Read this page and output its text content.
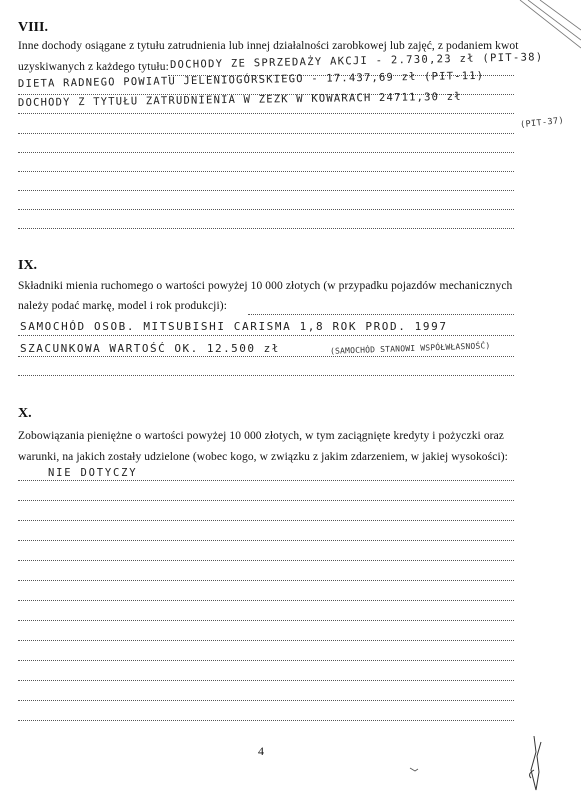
VIII.
Inne dochody osiągane z tytułu zatrudnienia lub innej działalności zarobkowej lub zajęć, z podaniem kwot
uzyskiwanych z każdego tytułu: DOCHODY ZE SPRZEDAŻY AKCJI - 2.730,23 zł (PIT-38)
DIETA RADNEGO POWIATU JELENIOGÓRSKIEGO - 17.437,69 zł (PIT-11)
DOCHODY Z TYTUŁU ZATRUDNIENIA W ZEZK W KOWARACH 24711,30 zł
(PIT-37)
IX.
Składniki mienia ruchomego o wartości powyżej 10 000 złotych (w przypadku pojazdów mechanicznych
należy podać markę, model i rok produkcji):
SAMOCHÓD OSOB. MITSUBISHI CARISMA 1,8 ROK PROD. 1997
SZACUNKOWA WARTOŚĆ OK. 12.500 zł	(SAMOCHÓD STANOWI WSPÓŁWŁASNOŚĆ)
X.
Zobowiązania pieniężne o wartości powyżej 10 000 złotych, w tym zaciągnięte kredyty i pożyczki oraz
warunki, na jakich zostały udzielone (wobec kogo, w związku z jakim zdarzeniem, w jakiej wysokości):
NIE DOTYCZY
4
